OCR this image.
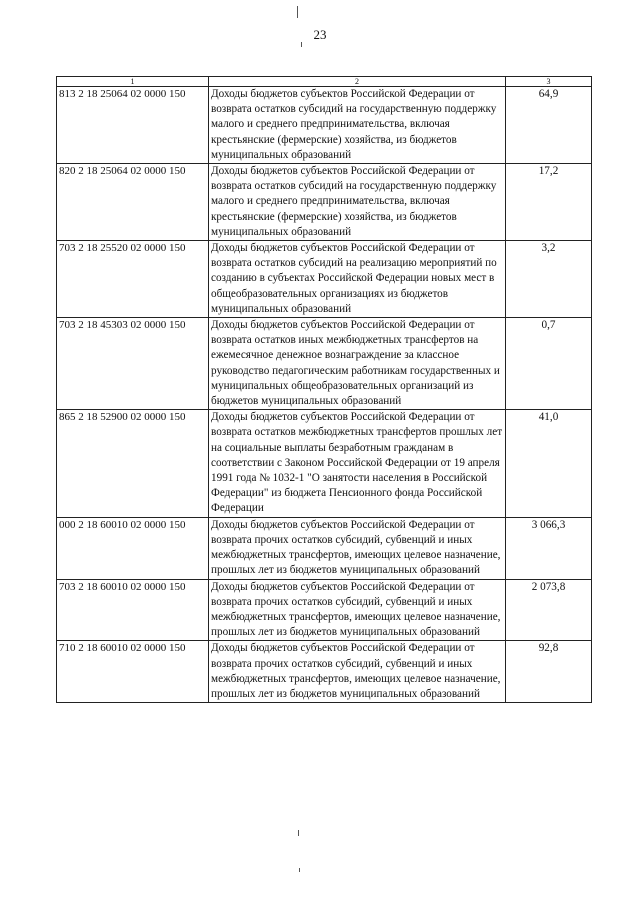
23
1	2	3
813 2 18 25064 02 0000 150	Доходы бюджетов субъектов Российской Федерации от возврата остатков субсидий на государственную поддержку малого и среднего предпринимательства, включая крестьянские (фермерские) хозяйства, из бюджетов муниципальных образований	64,9
820 2 18 25064 02 0000 150	Доходы бюджетов субъектов Российской Федерации от возврата остатков субсидий на государственную поддержку малого и среднего предпринимательства, включая крестьянские (фермерские) хозяйства, из бюджетов муниципальных образований	17,2
703 2 18 25520 02 0000 150	Доходы бюджетов субъектов Российской Федерации от возврата остатков субсидий на реализацию мероприятий по созданию в субъектах Российской Федерации новых мест в общеобразовательных организациях из бюджетов муниципальных образований	3,2
703 2 18 45303 02 0000 150	Доходы бюджетов субъектов Российской Федерации от возврата остатков иных межбюджетных трансфертов на ежемесячное денежное вознаграждение за классное руководство педагогическим работникам государственных и муниципальных общеобразовательных организаций из бюджетов муниципальных образований	0,7
865 2 18 52900 02 0000 150	Доходы бюджетов субъектов Российской Федерации от возврата остатков межбюджетных трансфертов прошлых лет на социальные выплаты безработным гражданам в соответствии с Законом Российской Федерации от 19 апреля 1991 года № 1032-1 "О занятости населения в Российской Федерации" из бюджета Пенсионного фонда Российской Федерации	41,0
000 2 18 60010 02 0000 150	Доходы бюджетов субъектов Российской Федерации от возврата прочих остатков субсидий, субвенций и иных межбюджетных трансфертов, имеющих целевое назначение, прошлых лет из бюджетов муниципальных образований	3 066,3
703 2 18 60010 02 0000 150	Доходы бюджетов субъектов Российской Федерации от возврата прочих остатков субсидий, субвенций и иных межбюджетных трансфертов, имеющих целевое назначение, прошлых лет из бюджетов муниципальных образований	2 073,8
710 2 18 60010 02 0000 150	Доходы бюджетов субъектов Российской Федерации от возврата прочих остатков субсидий, субвенций и иных межбюджетных трансфертов, имеющих целевое назначение, прошлых лет из бюджетов муниципальных образований	92,8
